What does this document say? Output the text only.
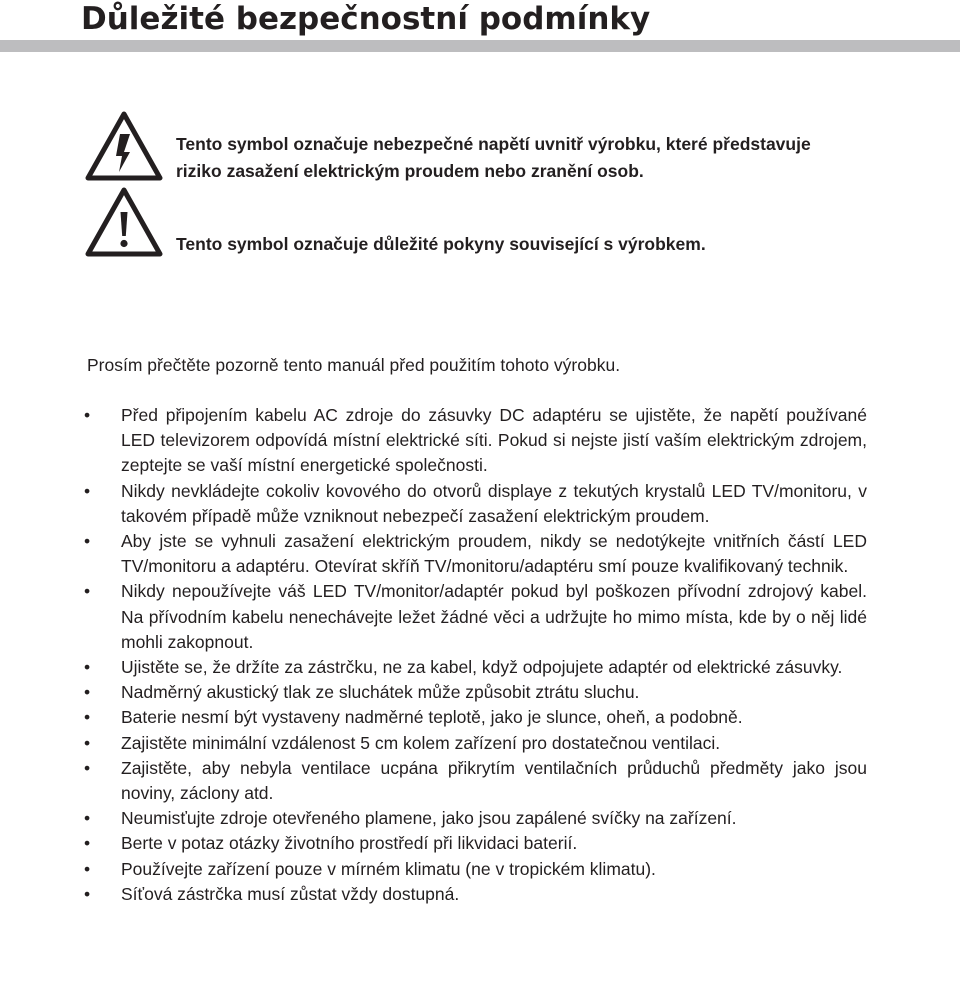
Důležité bezpečnostní podmínky
Tento symbol označuje nebezpečné napětí uvnitř výrobku, které představuje
riziko zasažení elektrickým proudem nebo zranění osob.
Tento symbol označuje důležité pokyny související s výrobkem.

Prosím přečtěte pozorně tento manuál před použitím tohoto výrobku.

• Před připojením kabelu AC zdroje do zásuvky DC adaptéru se ujistěte, že napětí používané LED televizorem odpovídá místní elektrické síti. Pokud si nejste jistí vaším elektrickým zdrojem, zeptejte se vaší místní energetické společnosti.
• Nikdy nevkládejte cokoliv kovového do otvorů displaye z tekutých krystalů LED TV/monitoru, v takovém případě může vzniknout nebezpečí zasažení elektrickým proudem.
• Aby jste se vyhnuli zasažení elektrickým proudem, nikdy se nedotýkejte vnitřních částí LED TV/monitoru a adaptéru. Otevírat skříň TV/monitoru/adaptéru smí pouze kvalifikovaný technik.
• Nikdy nepoužívejte váš LED TV/monitor/adaptér pokud byl poškozen přívodní zdrojový kabel. Na přívodním kabelu nenechávejte ležet žádné věci a udržujte ho mimo místa, kde by o něj lidé mohli zakopnout.
• Ujistěte se, že držíte za zástrčku, ne za kabel, když odpojujete adaptér od elektrické zásuvky.
• Nadměrný akustický tlak ze sluchátek může způsobit ztrátu sluchu.
• Baterie nesmí být vystaveny nadměrné teplotě, jako je slunce, oheň, a podobně.
• Zajistěte minimální vzdálenost 5 cm kolem zařízení pro dostatečnou ventilaci.
• Zajistěte, aby nebyla ventilace ucpána přikrytím ventilačních průduchů předměty jako jsou noviny, záclony atd.
• Neumisťujte zdroje otevřeného plamene, jako jsou zapálené svíčky na zařízení.
• Berte v potaz otázky životního prostředí při likvidaci baterií.
• Používejte zařízení pouze v mírném klimatu (ne v tropickém klimatu).
• Síťová zástrčka musí zůstat vždy dostupná.
